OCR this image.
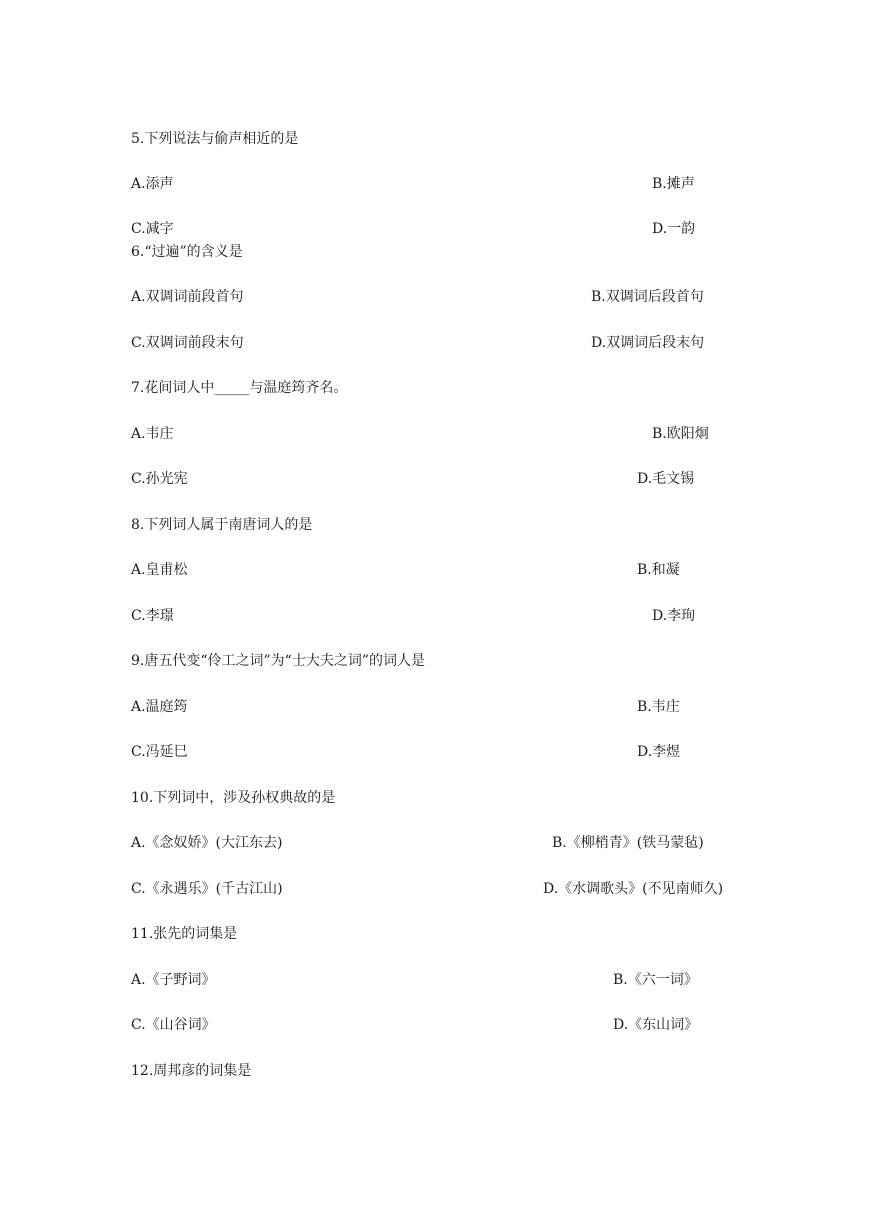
5.下列说法与偷声相近的是
A.添声	B.摊声
C.减字	D.一韵
6.“过遍”的含义是
A.双调词前段首句	B.双调词后段首句
C.双调词前段末句	D.双调词后段末句
7.花间词人中_____与温庭筠齐名。
A.韦庄	B.欧阳炯
C.孙光宪	D.毛文锡
8.下列词人属于南唐词人的是
A.皇甫松	B.和凝
C.李璟	D.李珣
9.唐五代变“伶工之词”为“士大夫之词”的词人是
A.温庭筠	B.韦庄
C.冯延巳	D.李煜
10.下列词中，涉及孙权典故的是
A.《念奴娇》(大江东去)	B.《柳梢青》(铁马蒙毡)
C.《永遇乐》(千古江山)	D.《水调歌头》(不见南师久)
11.张先的词集是
A.《子野词》	B.《六一词》
C.《山谷词》	D.《东山词》
12.周邦彦的词集是
